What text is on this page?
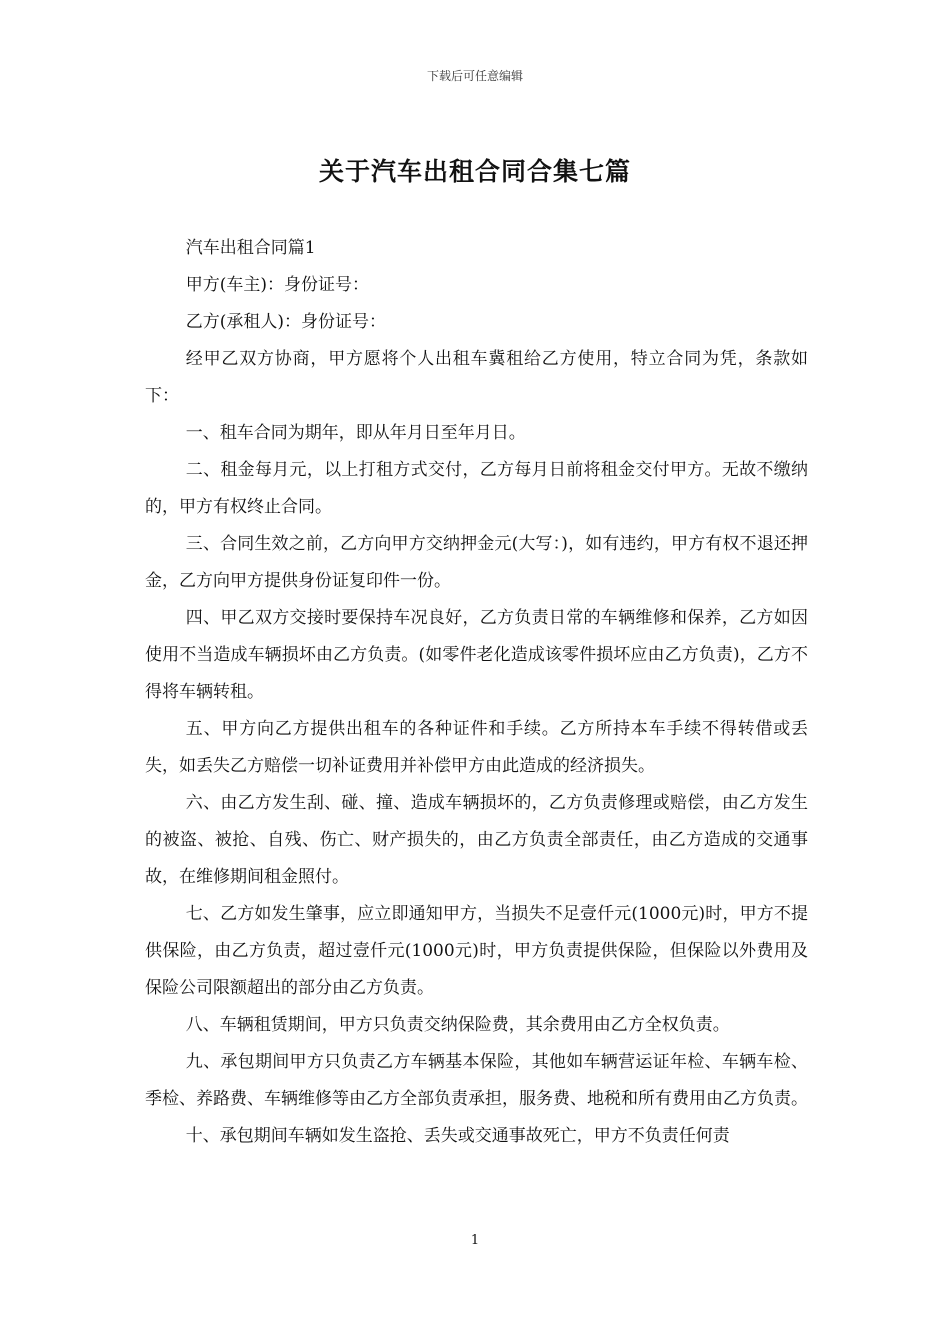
下载后可任意编辑
关于汽车出租合同合集七篇

汽车出租合同篇1

甲方(车主)：身份证号：

乙方(承租人)：身份证号：

经甲乙双方协商，甲方愿将个人出租车冀租给乙方使用，特立合同为凭，条款如下：

一、租车合同为期年，即从年月日至年月日。

二、租金每月元，以上打租方式交付，乙方每月日前将租金交付甲方。无故不缴纳的，甲方有权终止合同。

三、合同生效之前，乙方向甲方交纳押金元(大写：)，如有违约，甲方有权不退还押金，乙方向甲方提供身份证复印件一份。

四、甲乙双方交接时要保持车况良好，乙方负责日常的车辆维修和保养，乙方如因使用不当造成车辆损坏由乙方负责。(如零件老化造成该零件损坏应由乙方负责)，乙方不得将车辆转租。

五、甲方向乙方提供出租车的各种证件和手续。乙方所持本车手续不得转借或丢失，如丢失乙方赔偿一切补证费用并补偿甲方由此造成的经济损失。

六、由乙方发生刮、碰、撞、造成车辆损坏的，乙方负责修理或赔偿，由乙方发生的被盗、被抢、自残、伤亡、财产损失的，由乙方负责全部责任，由乙方造成的交通事故，在维修期间租金照付。

七、乙方如发生肇事，应立即通知甲方，当损失不足壹仟元(1000元)时，甲方不提供保险，由乙方负责，超过壹仟元(1000元)时，甲方负责提供保险，但保险以外费用及保险公司限额超出的部分由乙方负责。

八、车辆租赁期间，甲方只负责交纳保险费，其余费用由乙方全权负责。

九、承包期间甲方只负责乙方车辆基本保险，其他如车辆营运证年检、车辆车检、季检、养路费、车辆维修等由乙方全部负责承担，服务费、地税和所有费用由乙方负责。

十、承包期间车辆如发生盗抢、丢失或交通事故死亡，甲方不负责任何责

1
